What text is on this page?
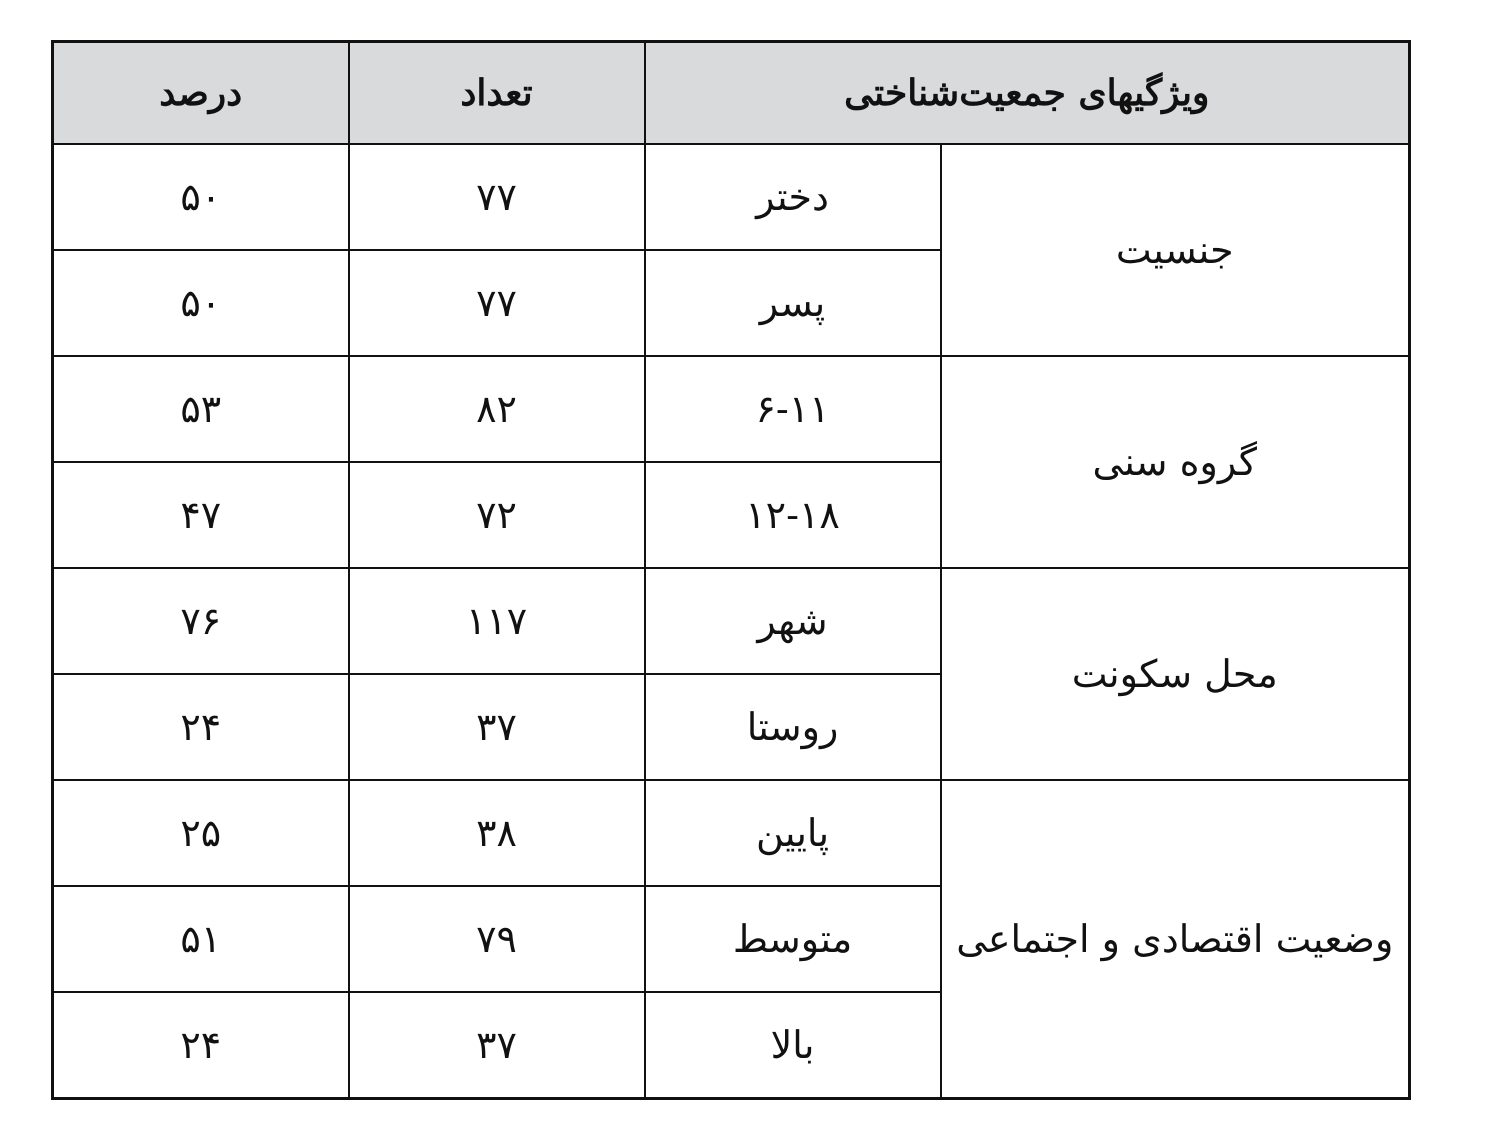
ویژگیهای جمعیت‌شناختی		تعداد	درصد
جنسیت	دختر	۷۷	۵۰
	پسر	۷۷	۵۰
گروه سنی	۶-۱۱	۸۲	۵۳
	۱۲-۱۸	۷۲	۴۷
محل سکونت	شهر	۱۱۷	۷۶
	روستا	۳۷	۲۴
وضعیت اقتصادی و اجتماعی	پایین	۳۸	۲۵
	متوسط	۷۹	۵۱
	بالا	۳۷	۲۴
